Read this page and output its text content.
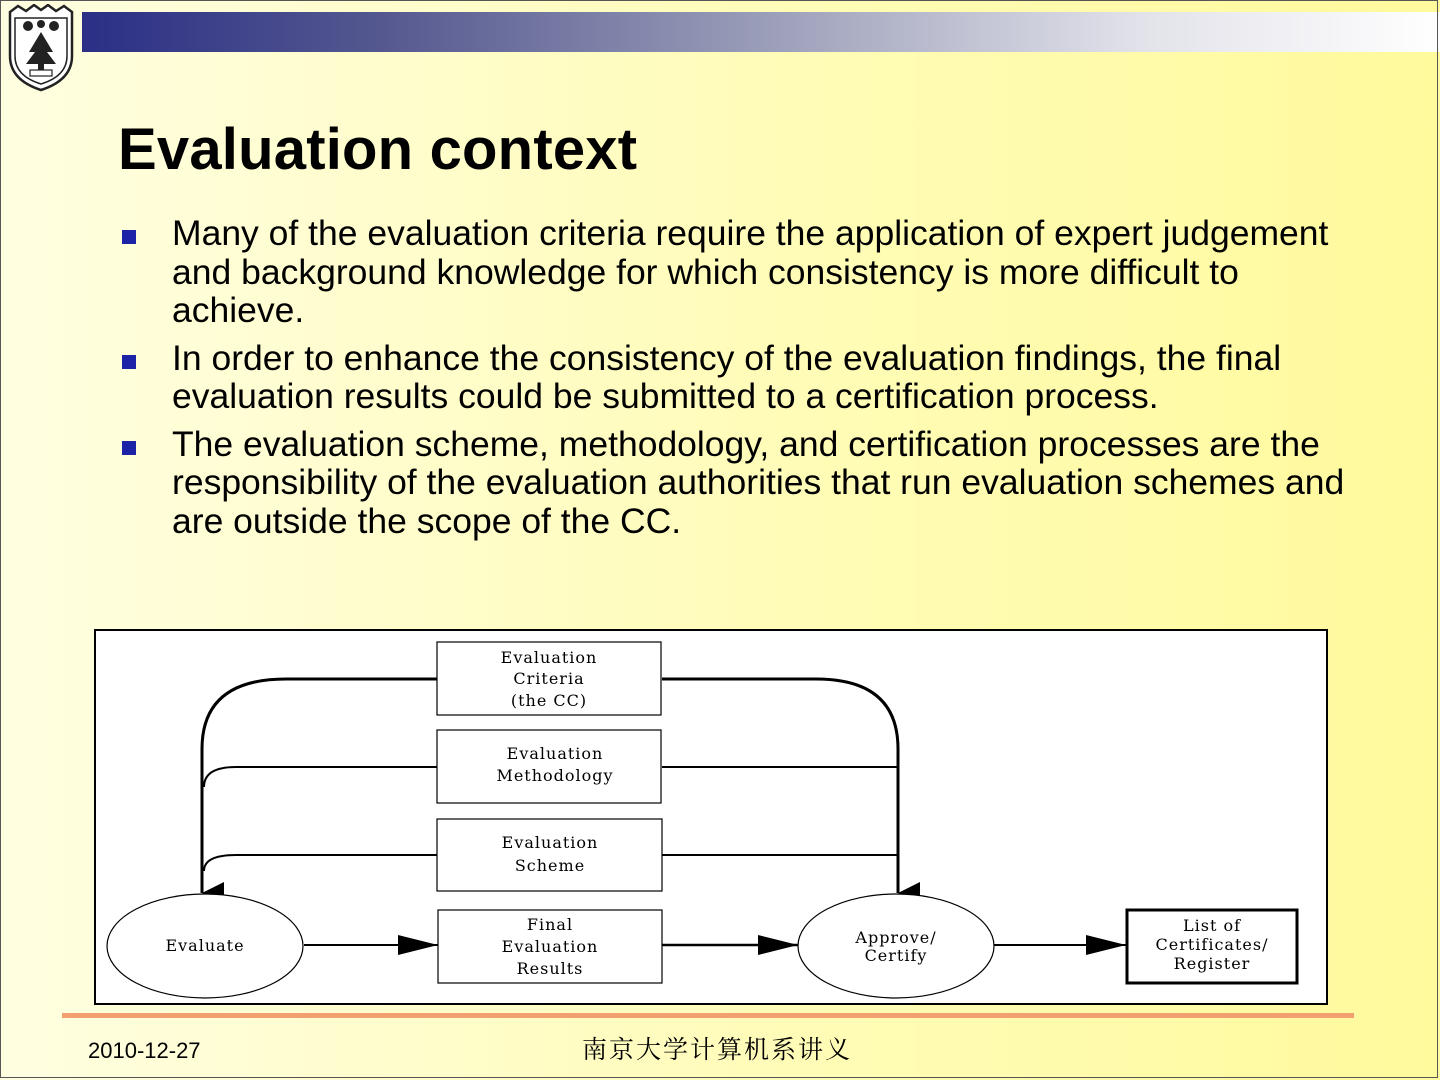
Evaluation context
Many of the evaluation criteria require the application of expert judgement and background knowledge for which consistency is more difficult to achieve.
In order to enhance the consistency of the evaluation findings, the final evaluation results could be submitted to a certification process.
The evaluation scheme, methodology, and certification processes are the responsibility of the evaluation authorities that run evaluation schemes and are outside the scope of the CC.
Evaluation
Criteria
(the CC)
Evaluation
Methodology
Evaluation
Scheme
Final
Evaluation
Results
Evaluate	Approve/
Certify
List of
Certificates/
Register
2010-12-27	南京大学计算机系讲义
